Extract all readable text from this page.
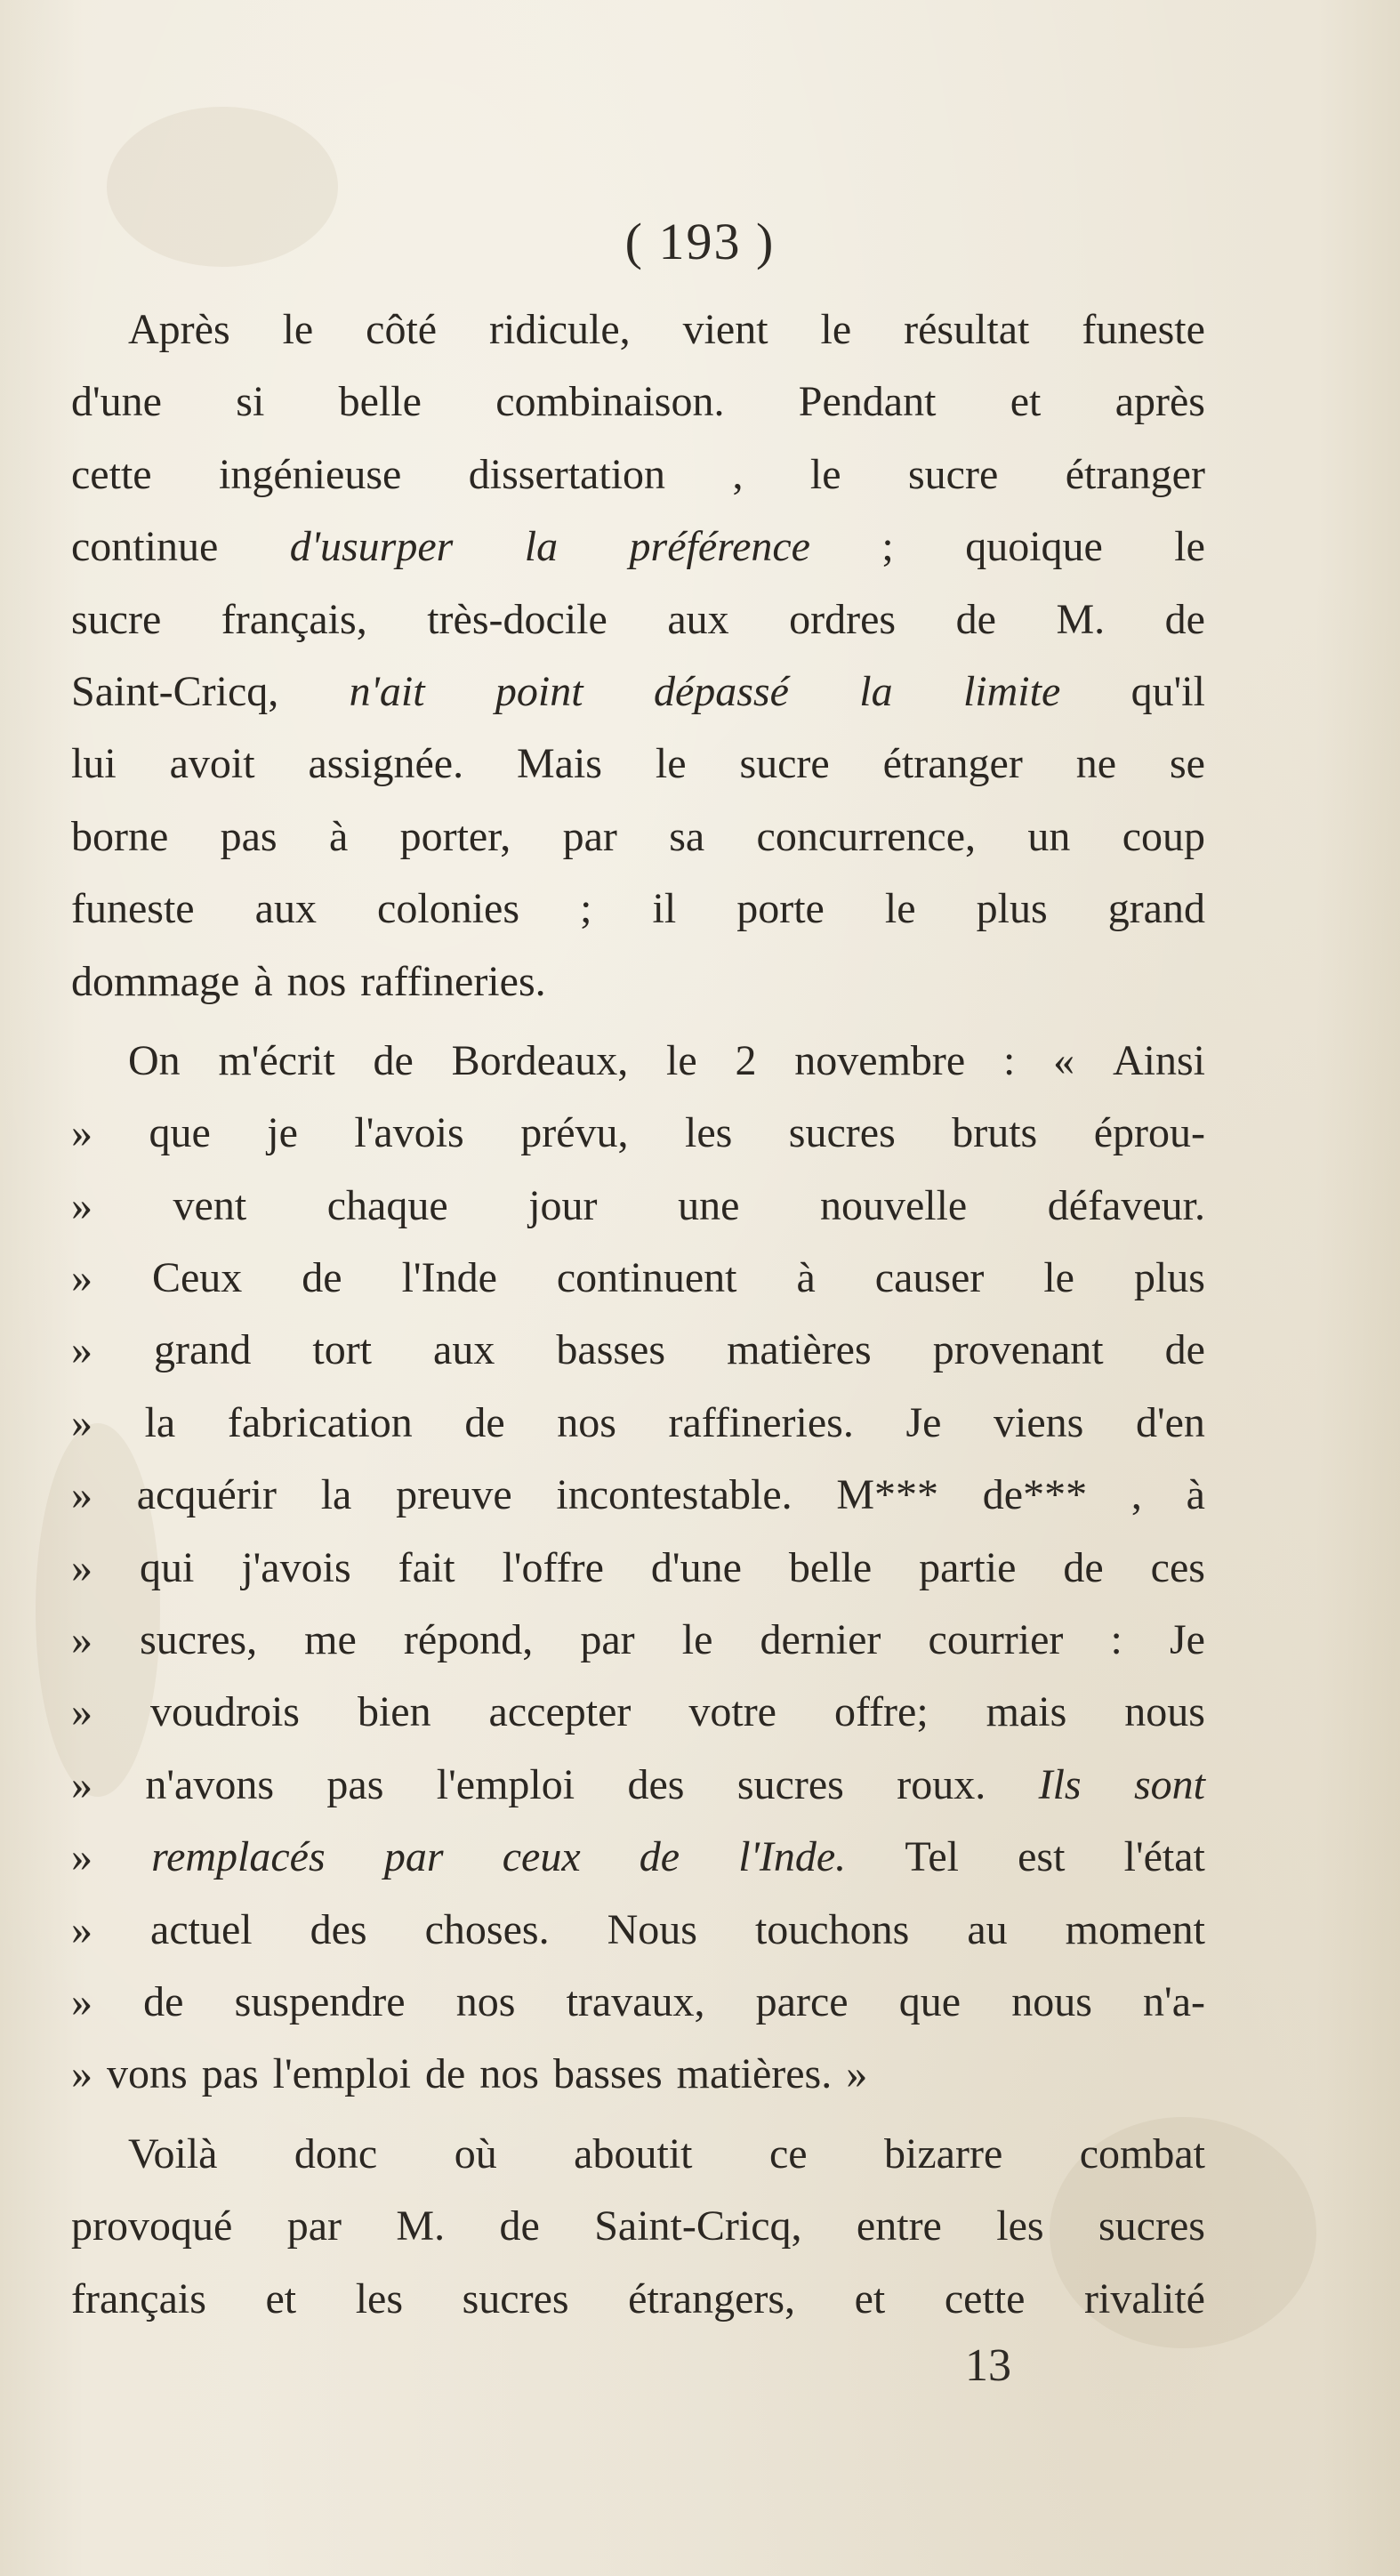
( 193 )
Après le côté ridicule, vient le résultat funeste
d'une si belle combinaison. Pendant et après
cette ingénieuse dissertation , le sucre étranger
continue d'usurper la préférence ; quoique le
sucre français, très-docile aux ordres de M. de
Saint-Cricq, n'ait point dépassé la limite qu'il
lui avoit assignée. Mais le sucre étranger ne se
borne pas à porter, par sa concurrence, un coup
funeste aux colonies ; il porte le plus grand
dommage à nos raffineries.
On m'écrit de Bordeaux, le 2 novembre : « Ainsi
» que je l'avois prévu, les sucres bruts éprou-
» vent chaque jour une nouvelle défaveur.
» Ceux de l'Inde continuent à causer le plus
» grand tort aux basses matières provenant de
» la fabrication de nos raffineries. Je viens d'en
» acquérir la preuve incontestable. M*** de*** , à
» qui j'avois fait l'offre d'une belle partie de ces
» sucres, me répond, par le dernier courrier : Je
» voudrois bien accepter votre offre; mais nous
» n'avons pas l'emploi des sucres roux. Ils sont
» remplacés par ceux de l'Inde. Tel est l'état
» actuel des choses. Nous touchons au moment
» de suspendre nos travaux, parce que nous n'a-
» vons pas l'emploi de nos basses matières. »
Voilà donc où aboutit ce bizarre combat
provoqué par M. de Saint-Cricq, entre les sucres
français et les sucres étrangers, et cette rivalité
13
